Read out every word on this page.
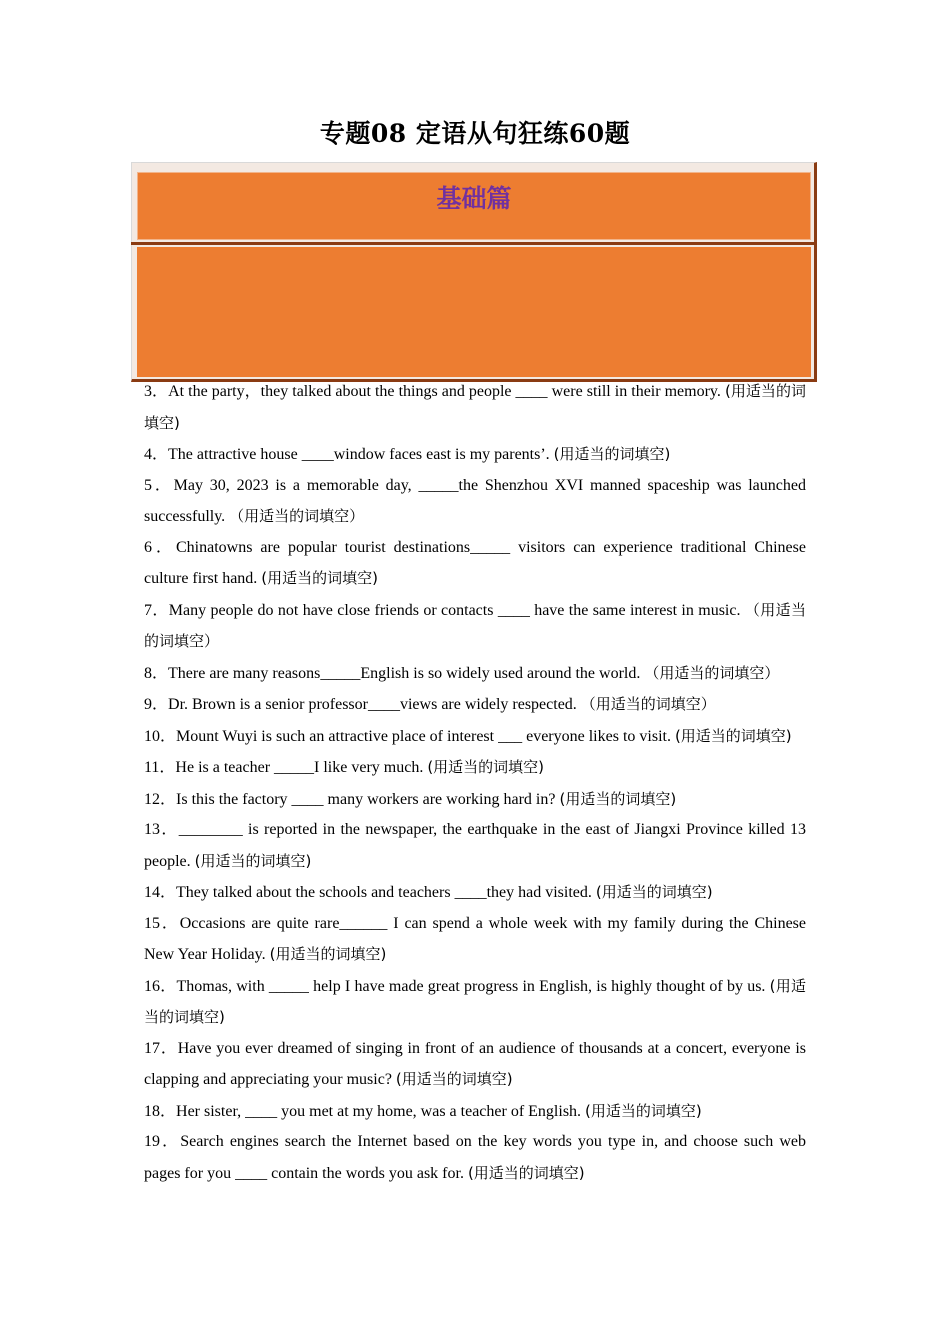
专题08 定语从句狂练60题
基础篇

3．At the party，they talked about the things and people ____ were still in their memory. (用适当的词填空)

4．The attractive house ____window faces east is my parents’. (用适当的词填空)

5．May 30, 2023 is a memorable day, _____the Shenzhou XVI manned spaceship was launched successfully. （用适当的词填空）

6．Chinatowns are popular tourist destinations_____ visitors can experience traditional Chinese culture first hand. (用适当的词填空)

7．Many people do not have close friends or contacts ____ have the same interest in music. （用适当的词填空）

8．There are many reasons_____English is so widely used around the world. （用适当的词填空）

9．Dr. Brown is a senior professor____views are widely respected. （用适当的词填空）

10．Mount Wuyi is such an attractive place of interest ___ everyone likes to visit. (用适当的词填空)

11．He is a teacher _____I like very much. (用适当的词填空)

12．Is this the factory ____ many workers are working hard in? (用适当的词填空)

13．________ is reported in the newspaper, the earthquake in the east of Jiangxi Province killed 13 people. (用适当的词填空)

14．They talked about the schools and teachers ____they had visited. (用适当的词填空)

15．Occasions are quite rare______ I can spend a whole week with my family during the Chinese New Year Holiday. (用适当的词填空)

16．Thomas, with _____ help I have made great progress in English, is highly thought of by us. (用适当的词填空)

17．Have you ever dreamed of singing in front of an audience of thousands at a concert, everyone is clapping and appreciating your music? (用适当的词填空)

18．Her sister, ____ you met at my home, was a teacher of English. (用适当的词填空)

19．Search engines search the Internet based on the key words you type in, and choose such web pages for you ____ contain the words you ask for. (用适当的词填空)
